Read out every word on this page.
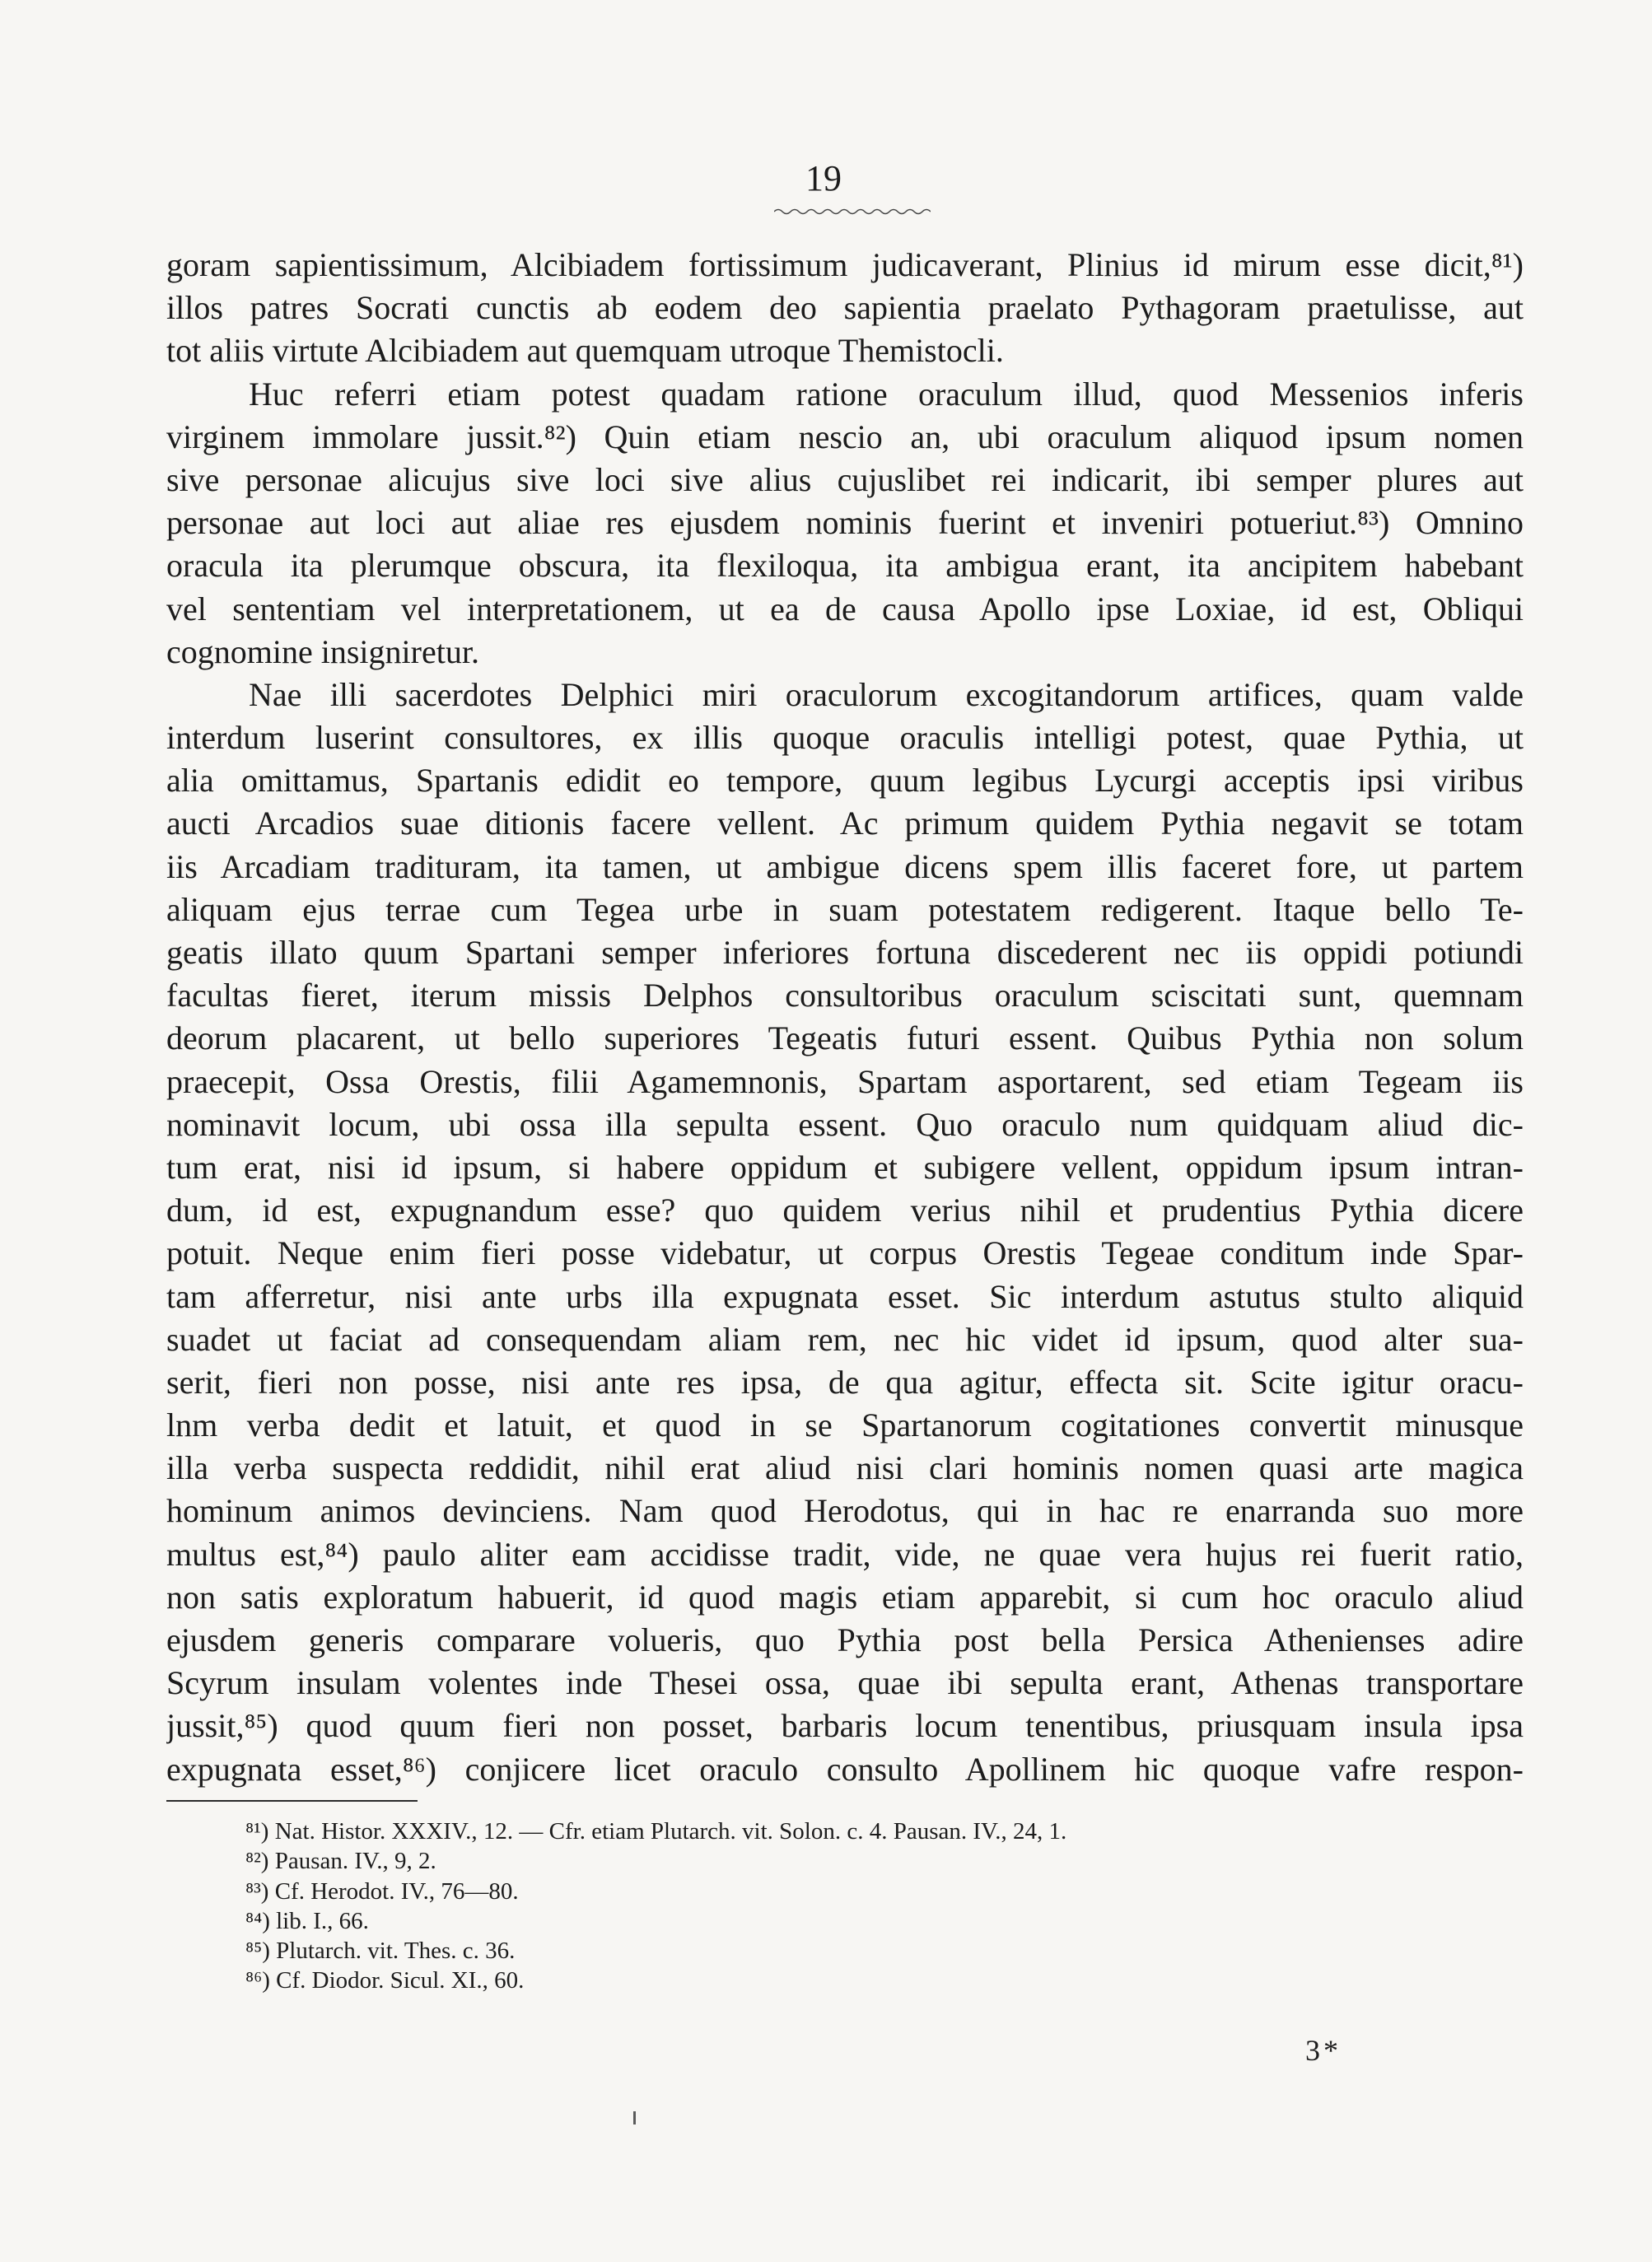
19
goram sapientissimum, Alcibiadem fortissimum judicaverant, Plinius id mirum esse dicit,⁸¹)
illos patres Socrati cunctis ab eodem deo sapientia praelato Pythagoram praetulisse, aut
tot aliis virtute Alcibiadem aut quemquam utroque Themistocli.
Huc referri etiam potest quadam ratione oraculum illud, quod Messenios inferis
virginem immolare jussit.⁸²) Quin etiam nescio an, ubi oraculum aliquod ipsum nomen
sive personae alicujus sive loci sive alius cujuslibet rei indicarit, ibi semper plures aut
personae aut loci aut aliae res ejusdem nominis fuerint et inveniri potueriut.⁸³) Omnino
oracula ita plerumque obscura, ita flexiloqua, ita ambigua erant, ita ancipitem habebant
vel sententiam vel interpretationem, ut ea de causa Apollo ipse Loxiae, id est, Obliqui
cognomine insigniretur.
Nae illi sacerdotes Delphici miri oraculorum excogitandorum artifices, quam valde
interdum luserint consultores, ex illis quoque oraculis intelligi potest, quae Pythia, ut
alia omittamus, Spartanis edidit eo tempore, quum legibus Lycurgi acceptis ipsi viribus
aucti Arcadios suae ditionis facere vellent. Ac primum quidem Pythia negavit se totam
iis Arcadiam tradituram, ita tamen, ut ambigue dicens spem illis faceret fore, ut partem
aliquam ejus terrae cum Tegea urbe in suam potestatem redigerent. Itaque bello Te-
geatis illato quum Spartani semper inferiores fortuna discederent nec iis oppidi potiundi
facultas fieret, iterum missis Delphos consultoribus oraculum sciscitati sunt, quemnam
deorum placarent, ut bello superiores Tegeatis futuri essent. Quibus Pythia non solum
praecepit, Ossa Orestis, filii Agamemnonis, Spartam asportarent, sed etiam Tegeam iis
nominavit locum, ubi ossa illa sepulta essent. Quo oraculo num quidquam aliud dic-
tum erat, nisi id ipsum, si habere oppidum et subigere vellent, oppidum ipsum intran-
dum, id est, expugnandum esse? quo quidem verius nihil et prudentius Pythia dicere
potuit. Neque enim fieri posse videbatur, ut corpus Orestis Tegeae conditum inde Spar-
tam afferretur, nisi ante urbs illa expugnata esset. Sic interdum astutus stulto aliquid
suadet ut faciat ad consequendam aliam rem, nec hic videt id ipsum, quod alter sua-
serit, fieri non posse, nisi ante res ipsa, de qua agitur, effecta sit. Scite igitur oracu-
lnm verba dedit et latuit, et quod in se Spartanorum cogitationes convertit minusque
illa verba suspecta reddidit, nihil erat aliud nisi clari hominis nomen quasi arte magica
hominum animos devinciens. Nam quod Herodotus, qui in hac re enarranda suo more
multus est,⁸⁴) paulo aliter eam accidisse tradit, vide, ne quae vera hujus rei fuerit ratio,
non satis exploratum habuerit, id quod magis etiam apparebit, si cum hoc oraculo aliud
ejusdem generis comparare volueris, quo Pythia post bella Persica Athenienses adire
Scyrum insulam volentes inde Thesei ossa, quae ibi sepulta erant, Athenas transportare
jussit,⁸⁵) quod quum fieri non posset, barbaris locum tenentibus, priusquam insula ipsa
expugnata esset,⁸⁶) conjicere licet oraculo consulto Apollinem hic quoque vafre respon-
⁸¹) Nat. Histor. XXXIV., 12. — Cfr. etiam Plutarch. vit. Solon. c. 4. Pausan. IV., 24, 1.
⁸²) Pausan. IV., 9, 2.
⁸³) Cf. Herodot. IV., 76—80.
⁸⁴) lib. I., 66.
⁸⁵) Plutarch. vit. Thes. c. 36.
⁸⁶) Cf. Diodor. Sicul. XI., 60.
3*
